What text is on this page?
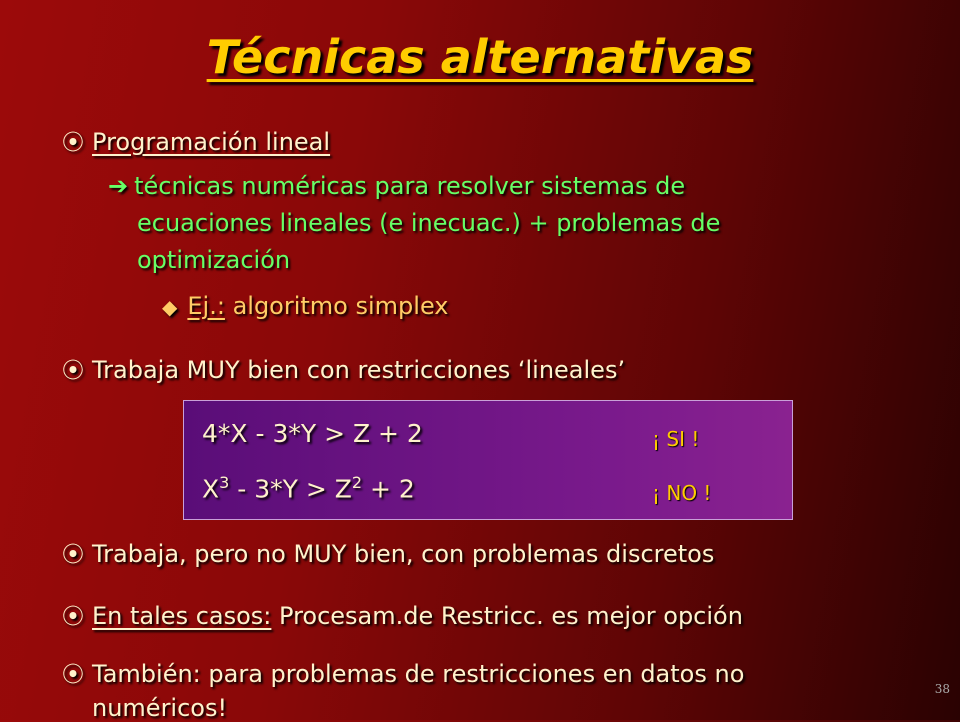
Técnicas alternativas
⦿ Programación lineal
➔ técnicas numéricas para resolver sistemas de
ecuaciones lineales (e inecuac.) + problemas de
optimización
◆ Ej.: algoritmo simplex
⦿ Trabaja MUY bien con restricciones ‘lineales’
4*X - 3*Y > Z + 2	¡ SI !
$X^3 - 3*Y > Z^2 + 2$	¡ NO !
⦿ Trabaja, pero no MUY bien, con problemas discretos
⦿ En tales casos: Procesam.de Restricc. es mejor opción
⦿ También: para problemas de restricciones en datos no
numéricos!
38
